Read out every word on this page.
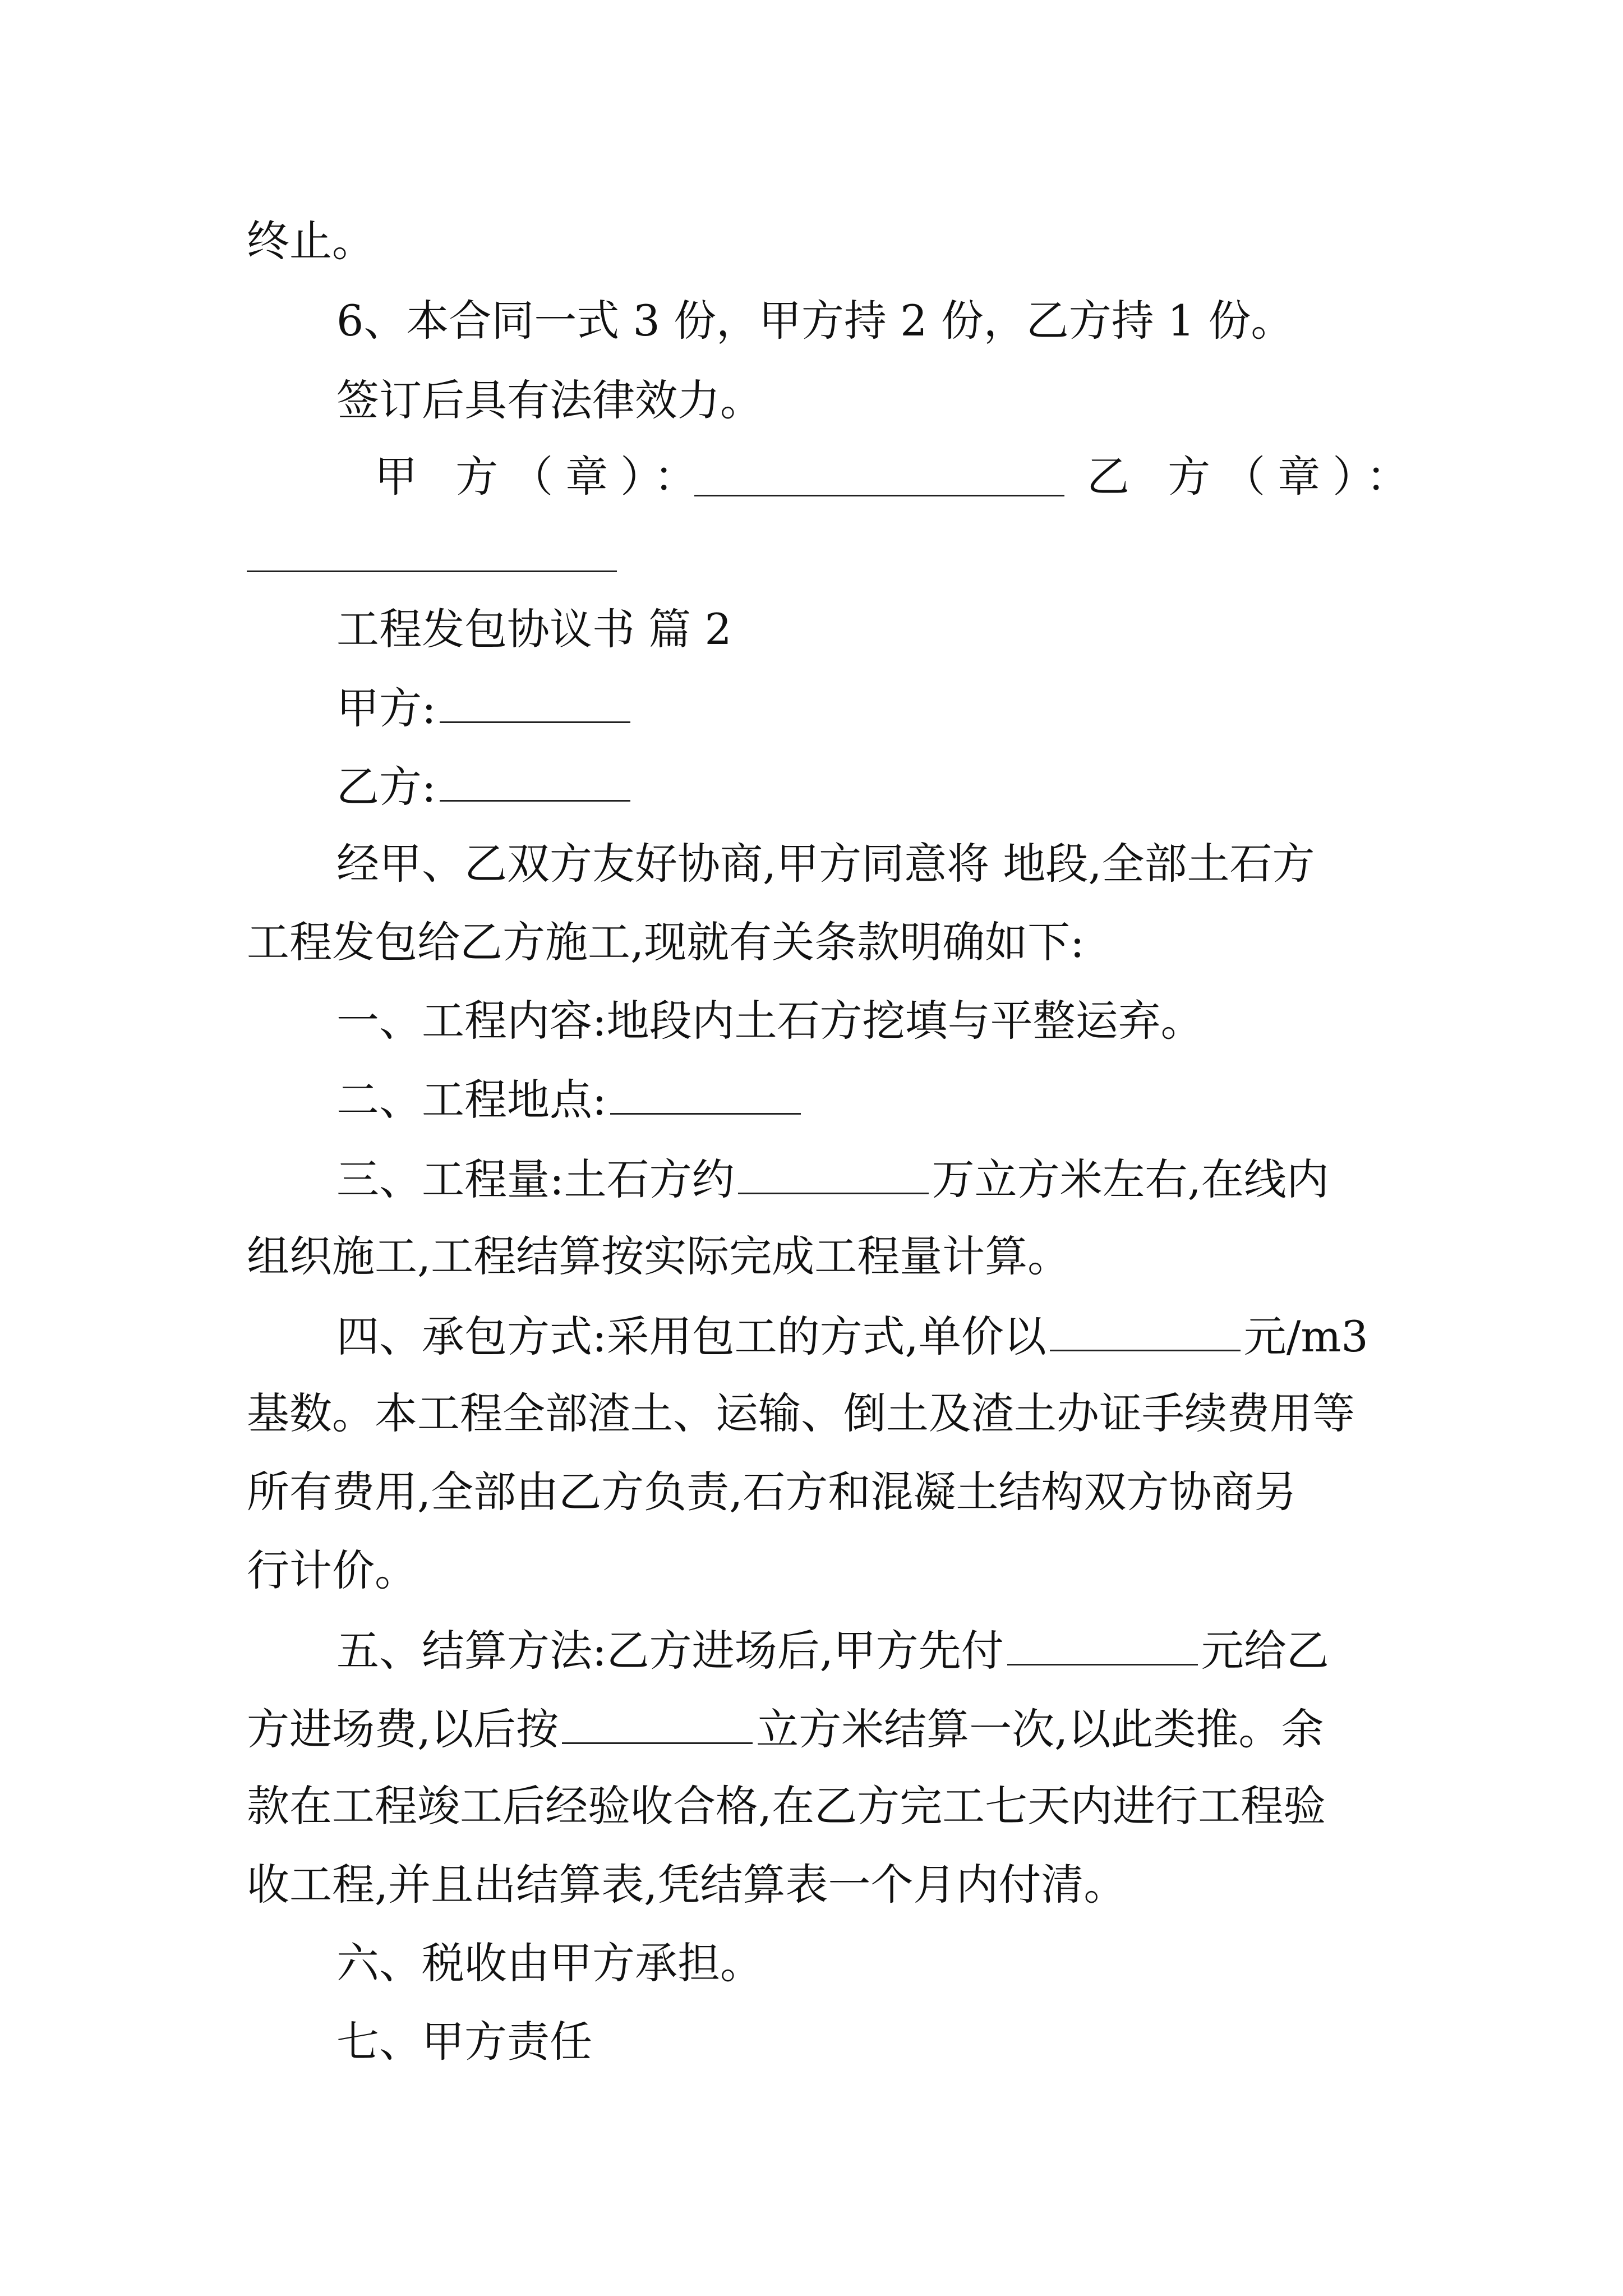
终止。
6、本合同一式 3 份，甲方持 2 份，乙方持 1 份。
签订后具有法律效力。
甲 方（章）：	乙 方（章）：
工程发包协议书 篇 2
甲方:
乙方:
经甲、乙双方友好协商,甲方同意将 地段,全部土石方
工程发包给乙方施工,现就有关条款明确如下:
一、工程内容:地段内土石方挖填与平整运弃。
二、工程地点:
三、工程量:土石方约	万立方米左右,在线内
组织施工,工程结算按实际完成工程量计算。
四、承包方式:采用包工的方式,单价以	元/m3
基数。本工程全部渣土、运输、倒土及渣土办证手续费用等
所有费用,全部由乙方负责,石方和混凝土结构双方协商另
行计价。
五、结算方法:乙方进场后,甲方先付	元给乙
方进场费,以后按	立方米结算一次,以此类推。余
款在工程竣工后经验收合格,在乙方完工七天内进行工程验
收工程,并且出结算表,凭结算表一个月内付清。
六、税收由甲方承担。
七、甲方责任
